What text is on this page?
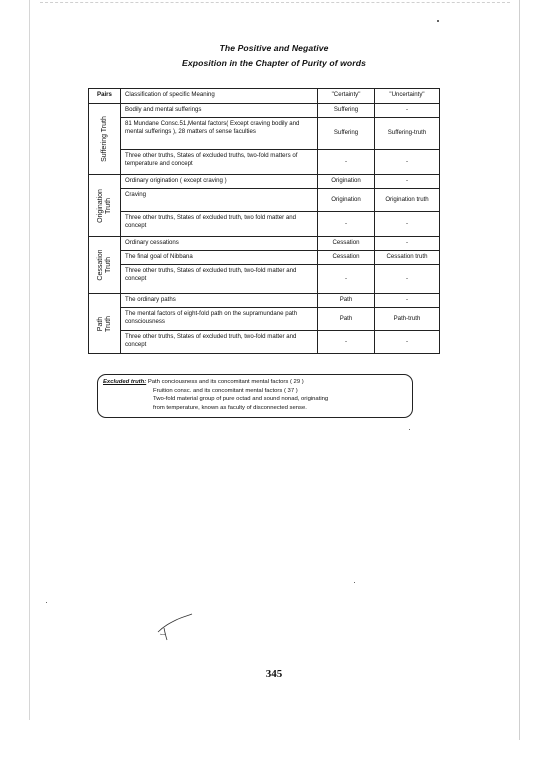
The Positive and Negative
Exposition in the Chapter of Purity of words
Pairs	Classification of specific Meaning	"Certainty"	"Uncertainty"

Suffering Truth	Bodily and mental sufferings	Suffering	-
	81 Mundane Consc.51,Mental factors( Except craving bodily and mental sufferings ), 28 matters of sense faculties	Suffering	Suffering-truth
	Three other truths, States of excluded truths, two-fold matters of temperature and concept	-	-

Origination Truth	Ordinary origination ( except craving )	Origination	-
	Craving	Origination	Origination truth
	Three other truths, States of excluded truth, two fold matter and concept	-	-

Cessation Truth	Ordinary cessations	Cessation	-
	The final goal of Nibbana	Cessation	Cessation truth
	Three other truths, States of excluded truth, two-fold matter and concept	-	-

Path Truth	The ordinary paths	Path	-
	The mental factors of eight-fold path on the supramundane path consciousness	Path	Path-truth
	Three other truths, States of excluded truth, two-fold matter and concept	-	-
Excluded truth: Path conciousness and its concomitant mental factors ( 29 )
Fruition consc. and its concomitant mental factors ( 37 )
Two-fold material group of pure octad and sound nonad, originating
from temperature, known as faculty of disconnected sense.
345
